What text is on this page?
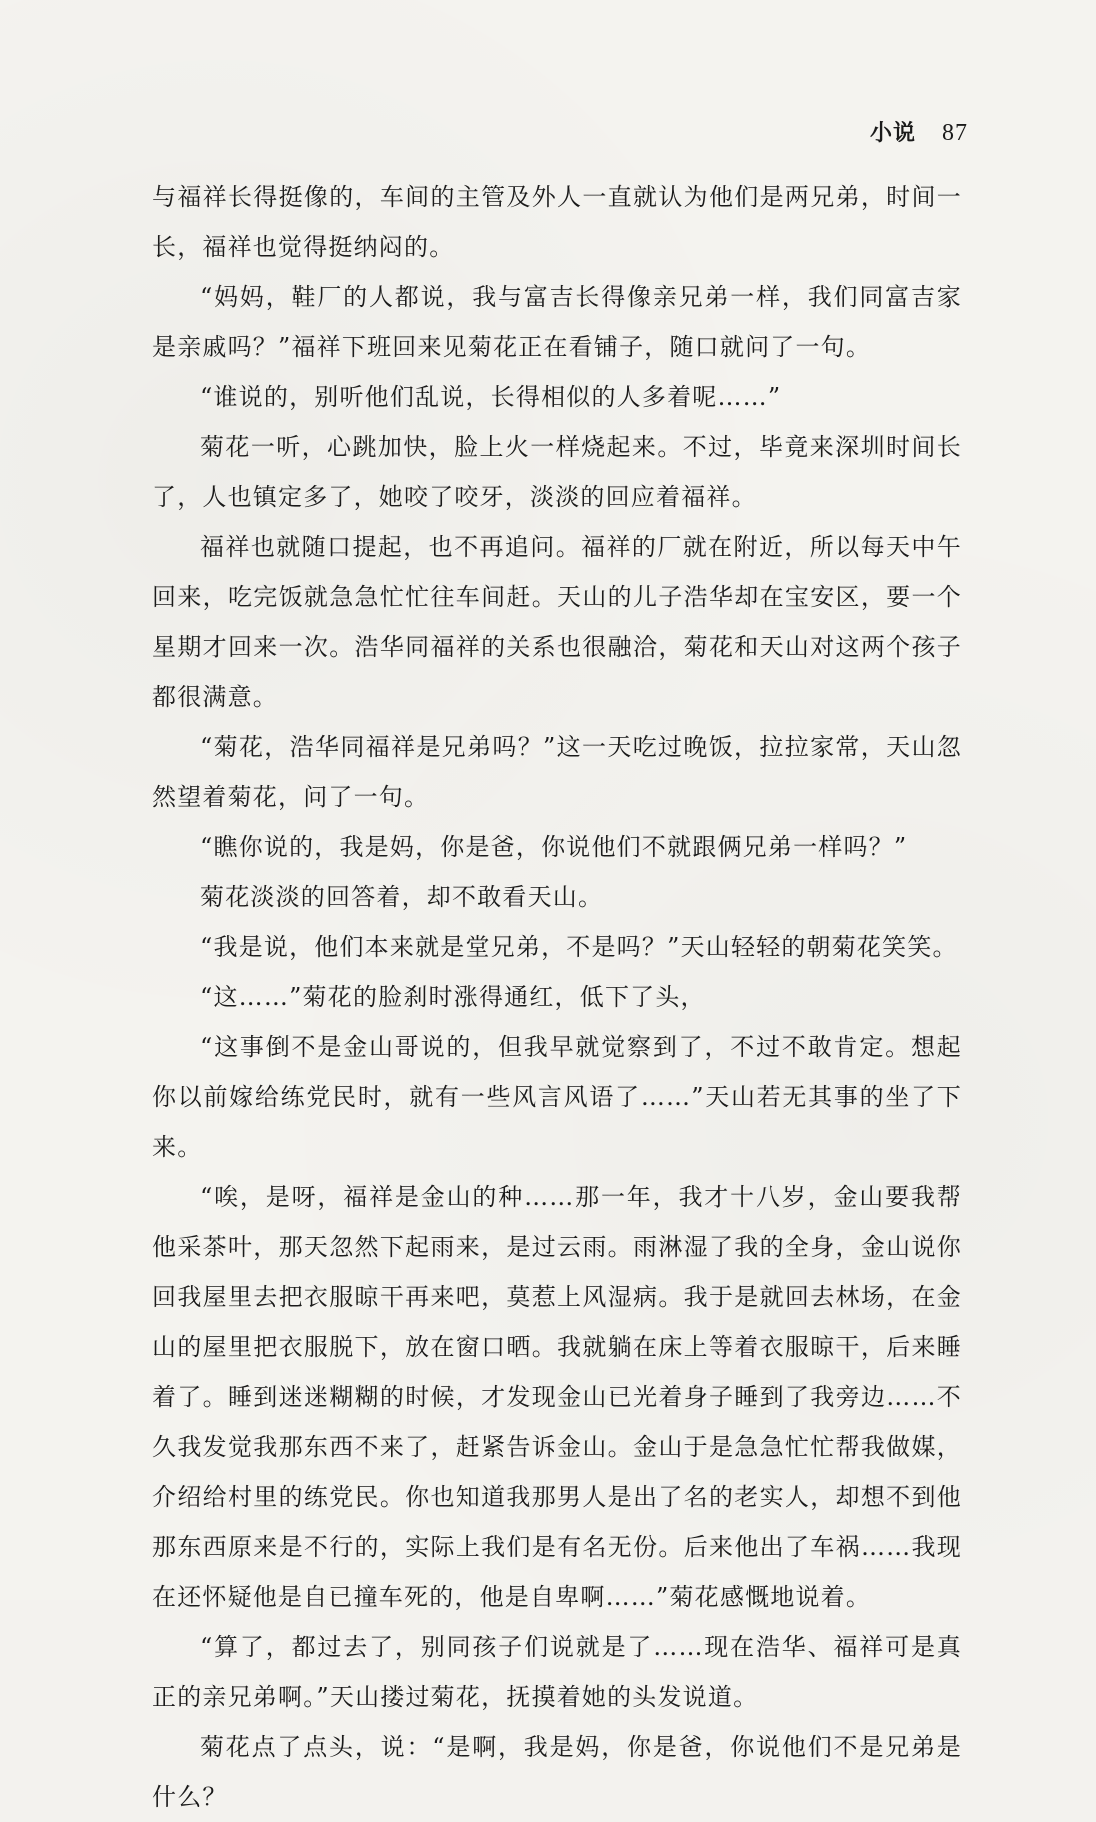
小说 87

与福祥长得挺像的，车间的主管及外人一直就认为他们是两兄弟，时间一长，福祥也觉得挺纳闷的。

“妈妈，鞋厂的人都说，我与富吉长得像亲兄弟一样，我们同富吉家是亲戚吗？”福祥下班回来见菊花正在看铺子，随口就问了一句。

“谁说的，别听他们乱说，长得相似的人多着呢……”

菊花一听，心跳加快，脸上火一样烧起来。不过，毕竟来深圳时间长了，人也镇定多了，她咬了咬牙，淡淡的回应着福祥。

福祥也就随口提起，也不再追问。福祥的厂就在附近，所以每天中午回来，吃完饭就急急忙忙往车间赶。天山的儿子浩华却在宝安区，要一个星期才回来一次。浩华同福祥的关系也很融洽，菊花和天山对这两个孩子都很满意。

“菊花，浩华同福祥是兄弟吗？”这一天吃过晚饭，拉拉家常，天山忽然望着菊花，问了一句。

“瞧你说的，我是妈，你是爸，你说他们不就跟俩兄弟一样吗？”

菊花淡淡的回答着，却不敢看天山。

“我是说，他们本来就是堂兄弟，不是吗？”天山轻轻的朝菊花笑笑。

“这……”菊花的脸刹时涨得通红，低下了头，

“这事倒不是金山哥说的，但我早就觉察到了，不过不敢肯定。想起你以前嫁给练党民时，就有一些风言风语了……”天山若无其事的坐了下来。

“唉，是呀，福祥是金山的种……那一年，我才十八岁，金山要我帮他采茶叶，那天忽然下起雨来，是过云雨。雨淋湿了我的全身，金山说你回我屋里去把衣服晾干再来吧，莫惹上风湿病。我于是就回去林场，在金山的屋里把衣服脱下，放在窗口晒。我就躺在床上等着衣服晾干，后来睡着了。睡到迷迷糊糊的时候，才发现金山已光着身子睡到了我旁边……不久我发觉我那东西不来了，赶紧告诉金山。金山于是急急忙忙帮我做媒，介绍给村里的练党民。你也知道我那男人是出了名的老实人，却想不到他那东西原来是不行的，实际上我们是有名无份。后来他出了车祸……我现在还怀疑他是自已撞车死的，他是自卑啊……”菊花感慨地说着。

“算了，都过去了，别同孩子们说就是了……现在浩华、福祥可是真正的亲兄弟啊。”天山搂过菊花，抚摸着她的头发说道。

菊花点了点头，说：“是啊，我是妈，你是爸，你说他们不是兄弟是什么？
